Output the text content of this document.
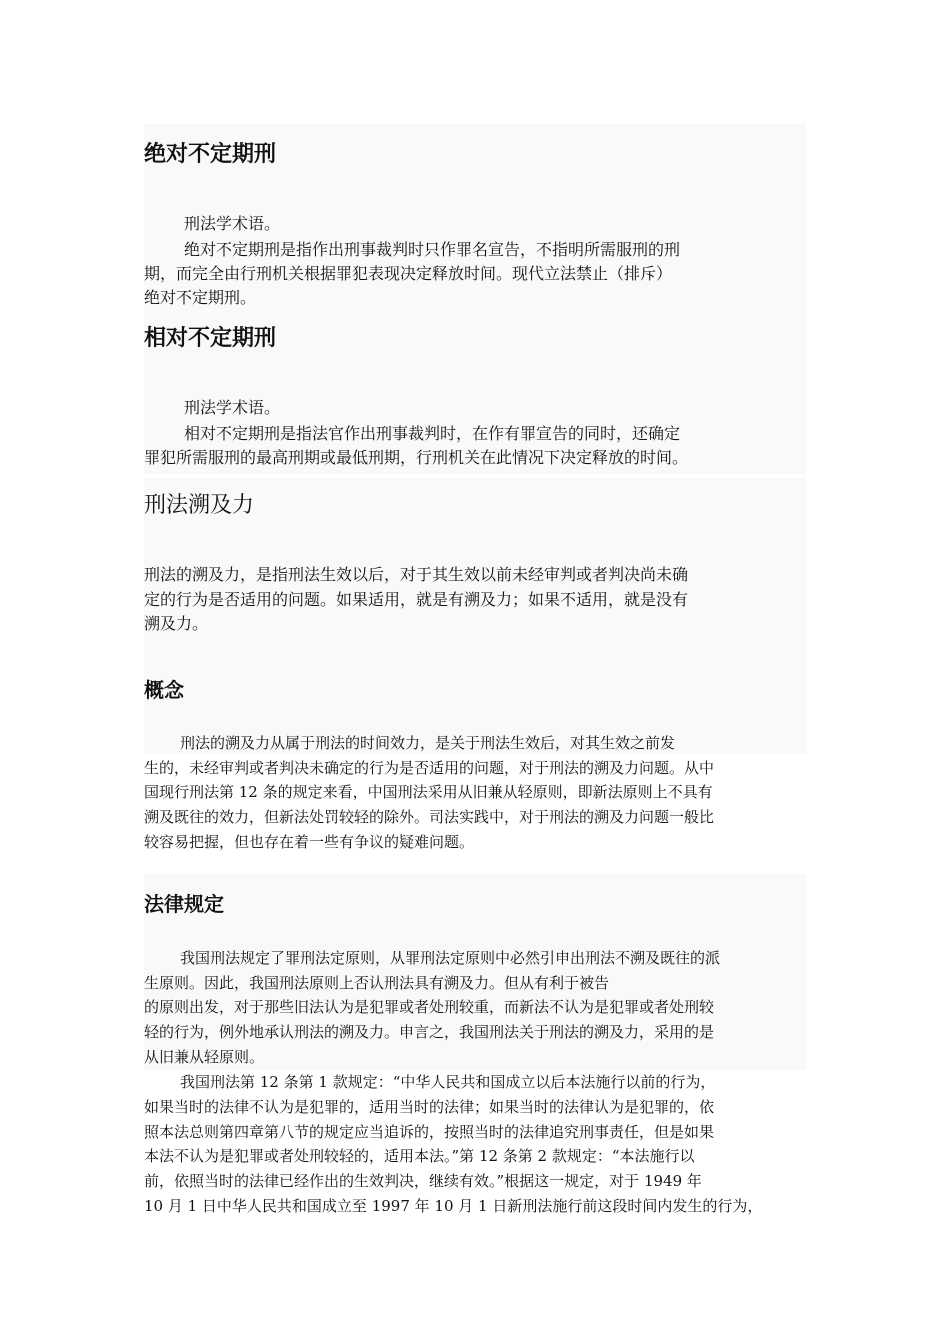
绝对不定期刑
刑法学术语。
绝对不定期刑是指作出刑事裁判时只作罪名宣告，不指明所需服刑的刑
期，而完全由行刑机关根据罪犯表现决定释放时间。现代立法禁止（排斥）
绝对不定期刑。
相对不定期刑
刑法学术语。
相对不定期刑是指法官作出刑事裁判时，在作有罪宣告的同时，还确定
罪犯所需服刑的最高刑期或最低刑期，行刑机关在此情况下决定释放的时间。
刑法溯及力
刑法的溯及力，是指刑法生效以后，对于其生效以前未经审判或者判决尚未确
定的行为是否适用的问题。如果适用，就是有溯及力；如果不适用，就是没有
溯及力。
概念
刑法的溯及力从属于刑法的时间效力，是关于刑法生效后，对其生效之前发
生的，未经审判或者判决未确定的行为是否适用的问题，对于刑法的溯及力问题。从中
国现行刑法第 12 条的规定来看，中国刑法采用从旧兼从轻原则，即新法原则上不具有
溯及既往的效力，但新法处罚较轻的除外。司法实践中，对于刑法的溯及力问题一般比
较容易把握，但也存在着一些有争议的疑难问题。
法律规定
我国刑法规定了罪刑法定原则，从罪刑法定原则中必然引申出刑法不溯及既往的派
生原则。因此，我国刑法原则上否认刑法具有溯及力。但从有利于被告
的原则出发，对于那些旧法认为是犯罪或者处刑较重，而新法不认为是犯罪或者处刑较
轻的行为，例外地承认刑法的溯及力。申言之，我国刑法关于刑法的溯及力，采用的是
从旧兼从轻原则。
我国刑法第 12 条第 1 款规定：“中华人民共和国成立以后本法施行以前的行为，
如果当时的法律不认为是犯罪的，适用当时的法律；如果当时的法律认为是犯罪的，依
照本法总则第四章第八节的规定应当追诉的，按照当时的法律追究刑事责任，但是如果
本法不认为是犯罪或者处刑较轻的，适用本法。”第 12 条第 2 款规定：“本法施行以
前，依照当时的法律已经作出的生效判决，继续有效。”根据这一规定，对于 1949 年
10 月 1 日中华人民共和国成立至 1997 年 10 月 1 日新刑法施行前这段时间内发生的行为，
